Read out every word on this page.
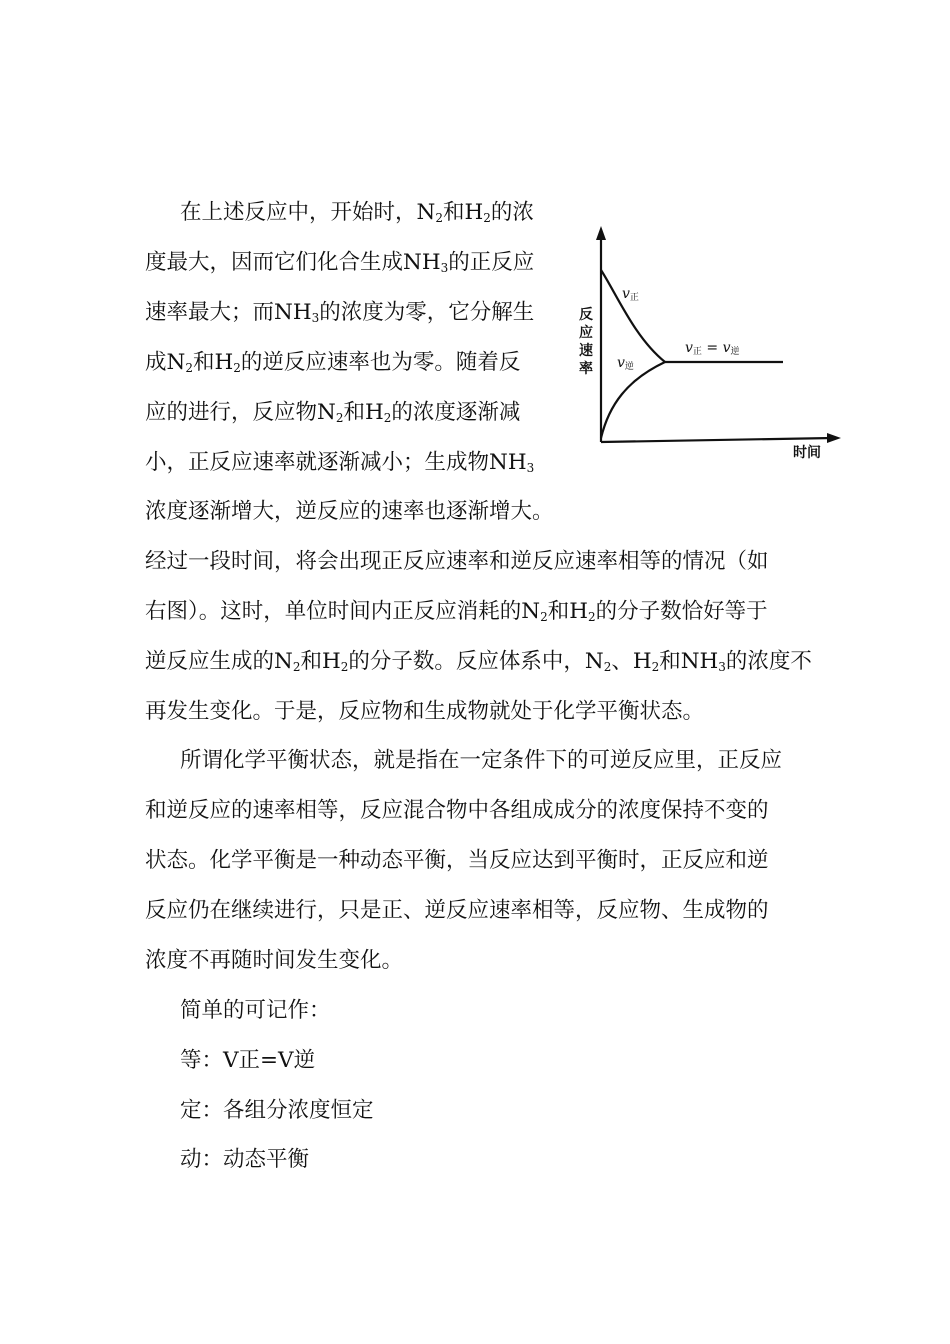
在上述反应中，开始时，$N_2$和$H_2$的浓
度最大，因而它们化合生成$NH_3$的正反应
速率最大；而$NH_3$的浓度为零，它分解生
成$N_2$和$H_2$的逆反应速率也为零。随着反
应的进行，反应物$N_2$和$H_2$的浓度逐渐减
小，正反应速率就逐渐减小；生成物$NH_3$
浓度逐渐增大，逆反应的速率也逐渐增大。
经过一段时间，将会出现正反应速率和逆反应速率相等的情况（如
右图）。这时，单位时间内正反应消耗的$N_2$和$H_2$的分子数恰好等于
逆反应生成的$N_2$和$H_2$的分子数。反应体系中，$N_2$、$H_2$和$NH_3$的浓度不
再发生变化。于是，反应物和生成物就处于化学平衡状态。
所谓化学平衡状态，就是指在一定条件下的可逆反应里，正反应
和逆反应的速率相等，反应混合物中各组成成分的浓度保持不变的
状态。化学平衡是一种动态平衡，当反应达到平衡时，正反应和逆
反应仍在继续进行，只是正、逆反应速率相等，反应物、生成物的
浓度不再随时间发生变化。
简单的可记作：
等：V正=V逆
定：各组分浓度恒定
动：动态平衡
反
应
速
率
时间
v正
v逆
v正 = v逆
